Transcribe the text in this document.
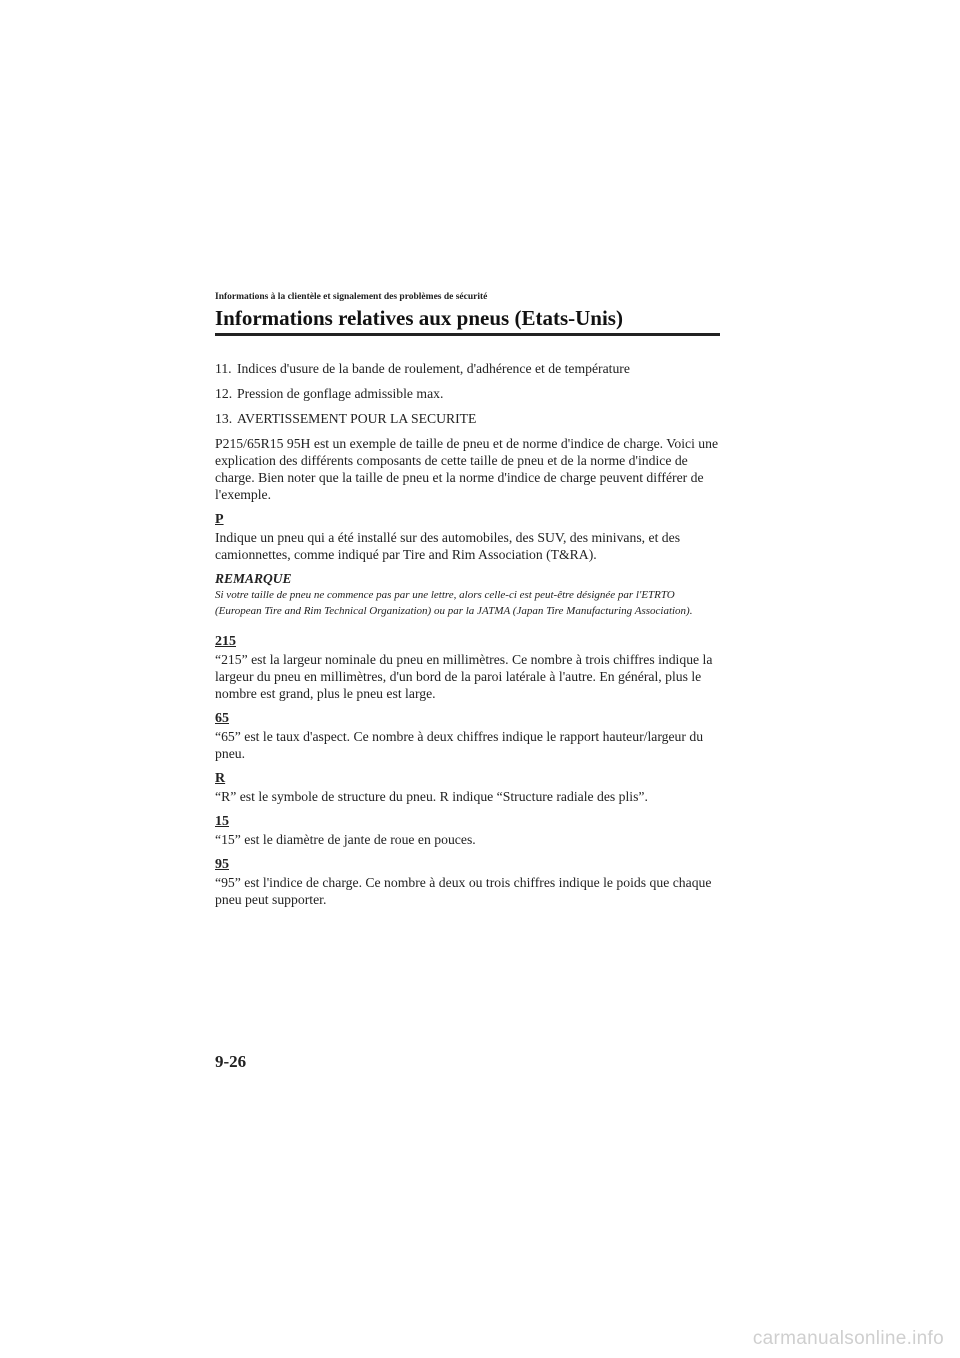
Informations à la clientèle et signalement des problèmes de sécurité
Informations relatives aux pneus (Etats-Unis)
11. Indices d'usure de la bande de roulement, d'adhérence et de température
12. Pression de gonflage admissible max.
13. AVERTISSEMENT POUR LA SECURITE

P215/65R15 95H est un exemple de taille de pneu et de norme d'indice de charge. Voici une explication des différents composants de cette taille de pneu et de la norme d'indice de charge. Bien noter que la taille de pneu et la norme d'indice de charge peuvent différer de l'exemple.

P

Indique un pneu qui a été installé sur des automobiles, des SUV, des minivans, et des camionnettes, comme indiqué par Tire and Rim Association (T&RA).

REMARQUE
Si votre taille de pneu ne commence pas par une lettre, alors celle-ci est peut-être désignée par l'ETRTO (European Tire and Rim Technical Organization) ou par la JATMA (Japan Tire Manufacturing Association).

215

“215” est la largeur nominale du pneu en millimètres. Ce nombre à trois chiffres indique la largeur du pneu en millimètres, d'un bord de la paroi latérale à l'autre. En général, plus le nombre est grand, plus le pneu est large.

65

“65” est le taux d'aspect. Ce nombre à deux chiffres indique le rapport hauteur/largeur du pneu.

R

“R” est le symbole de structure du pneu. R indique “Structure radiale des plis”.

15

“15” est le diamètre de jante de roue en pouces.

95

“95” est l'indice de charge. Ce nombre à deux ou trois chiffres indique le poids que chaque pneu peut supporter.

9-26
carmanualsonline.info
